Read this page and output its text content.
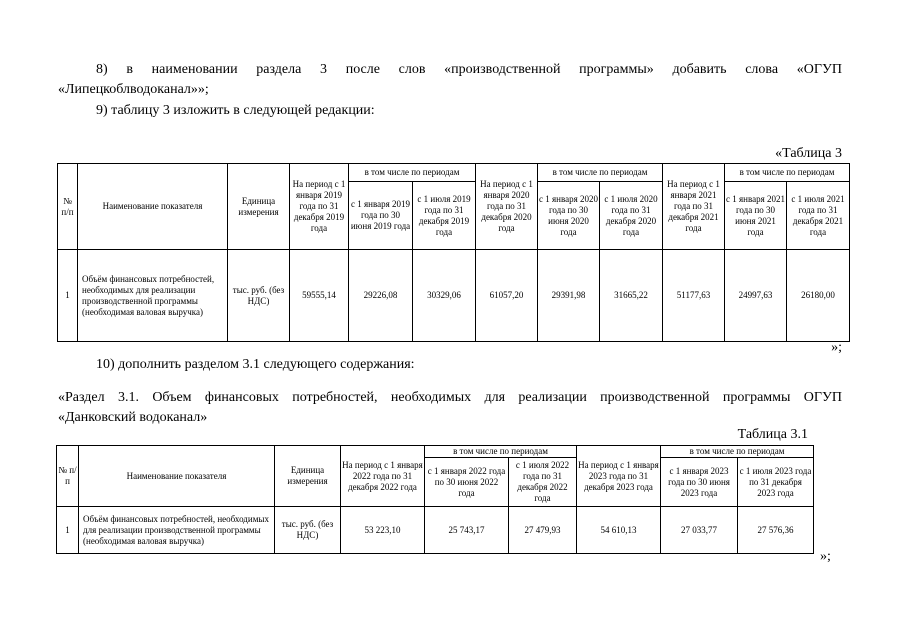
8) в наименовании раздела 3 после слов «производственной программы» добавить слова «ОГУП

«Липецкоблводоканал»»;

9) таблицу 3 изложить в следующей редакции:

«Таблица 3

№ п/п	Наименование показателя	Единица измерения	На период с 1 января 2019 года по 31 декабря 2019 года	в том числе по периодам		На период с 1 января 2020 года по 31 декабря 2020 года	в том числе по периодам		На период с 1 января 2021 года по 31 декабря 2021 года	в том числе по периодам	
				с 1 января 2019 года по 30 июня 2019 года	с 1 июля 2019 года по 31 декабря 2019 года		с 1 января 2020 года по 30 июня 2020 года	с 1 июля 2020 года по 31 декабря 2020 года		с 1 января 2021 года по 30 июня 2021 года	с 1 июля 2021 года по 31 декабря 2021 года
1	Объём финансовых потребностей, необходимых для реализации производственной программы (необходимая валовая выручка)	тыс. руб. (без НДС)	59555,14	29226,08	30329,06	61057,20	29391,98	31665,22	51177,63	24997,63	26180,00

»;

10) дополнить разделом 3.1 следующего содержания:

«Раздел 3.1. Объем финансовых потребностей, необходимых для реализации производственной программы ОГУП

«Данковский водоканал»

Таблица 3.1

№ п/п	Наименование показателя	Единица измерения	На период с 1 января 2022 года по 31 декабря 2022 года	в том числе по периодам		На период с 1 января 2023 года по 31 декабря 2023 года	в том числе по периодам	
				с 1 января 2022 года по 30 июня 2022 года	с 1 июля 2022 года по 31 декабря 2022 года		с 1 января 2023 года по 30 июня 2023 года	с 1 июля 2023 года по 31 декабря 2023 года
1	Объём финансовых потребностей, необходимых для реализации производственной программы (необходимая валовая выручка)	тыс. руб. (без НДС)	53 223,10	25 743,17	27 479,93	54 610,13	27 033,77	27 576,36

»;
